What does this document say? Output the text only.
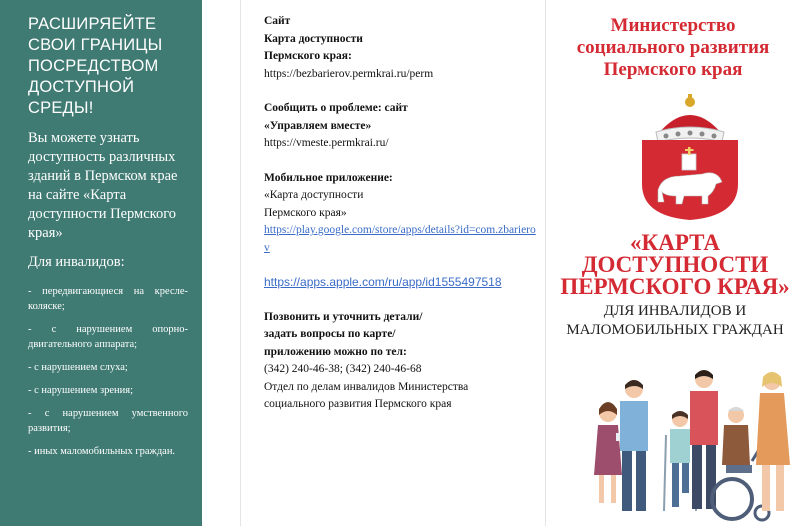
РАСШИРЯЕЙТЕ СВОИ ГРАНИЦЫ ПОСРЕДСТВОМ ДОСТУПНОЙ СРЕДЫ!
Вы можете узнать доступность различных зданий в Пермском крае на сайте «Карта доступности Пермского края»
Для инвалидов:
- передвигающиеся на кресле-коляске;
- с нарушением опорно-двигательного аппарата;
- с нарушением слуха;
- с нарушением зрения;
- с нарушением умственного развития;
- иных маломобильных граждан.
Сайт
Карта доступности
Пермского края:
https://bezbarierov.permkrai.ru/perm
Сообщить о проблеме: сайт
«Управляем вместе»
https://vmeste.permkrai.ru/
Мобильное приложение:
«Карта доступности
Пермского края»
https://play.google.com/store/apps/details?id=com.zbarierov
https://apps.apple.com/ru/app/id1555497518
Позвонить и уточнить детали/
задать вопросы по карте/
приложению можно по тел:
(342) 240-46-38; (342) 240-46-68
Отдел по делам инвалидов Министерства
социального развития Пермского края
Министерство
социального развития
Пермского края
«КАРТА
ДОСТУПНОСТИ
ПЕРМСКОГО КРАЯ»
ДЛЯ ИНВАЛИДОВ И
МАЛОМОБИЛЬНЫХ ГРАЖДАН
